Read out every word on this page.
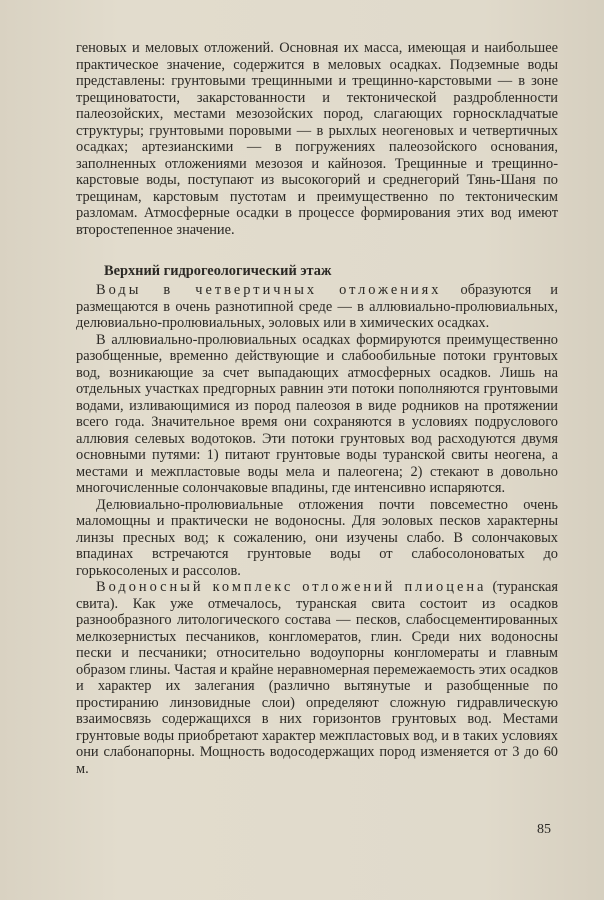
геновых и меловых отложений. Основная их масса, имеющая и наибольшее практическое значение, содержится в меловых осадках. Подземные воды представлены: грунтовыми трещинными и трещинно-карстовыми — в зоне трещиноватости, закарстованности и тектонической раздробленности палеозойских, местами мезозойских пород, слагающих горноскладчатые структуры; грунтовыми поровыми — в рыхлых неогеновых и четвертичных осадках; артезианскими — в погружениях палеозойского основания, заполненных отложениями мезозоя и кайнозоя. Трещинные и трещинно-карстовые воды, поступают из высокогорий и среднегорий Тянь-Шаня по трещинам, карстовым пустотам и преимущественно по тектоническим разломам. Атмосферные осадки в процессе формирования этих вод имеют второстепенное значение.

Верхний гидрогеологический этаж

Воды в четвертичных отложениях образуются и размещаются в очень разнотипной среде — в аллювиально-пролювиальных, делювиально-пролювиальных, эоловых или в химических осадках.

В аллювиально-пролювиальных осадках формируются преимущественно разобщенные, временно действующие и слабообильные потоки грунтовых вод, возникающие за счет выпадающих атмосферных осадков. Лишь на отдельных участках предгорных равнин эти потоки пополняются грунтовыми водами, изливающимися из пород палеозоя в виде родников на протяжении всего года. Значительное время они сохраняются в условиях подруслового аллювия селевых водотоков. Эти потоки грунтовых вод расходуются двумя основными путями: 1) питают грунтовые воды туранской свиты неогена, а местами и межпластовые воды мела и палеогена; 2) стекают в довольно многочисленные солончаковые впадины, где интенсивно испаряются.

Делювиально-пролювиальные отложения почти повсеместно очень маломощны и практически не водоносны. Для эоловых песков характерны линзы пресных вод; к сожалению, они изучены слабо. В солончаковых впадинах встречаются грунтовые воды от слабосолоноватых до горькосоленых и рассолов.

Водоносный комплекс отложений плиоцена (туранская свита). Как уже отмечалось, туранская свита состоит из осадков разнообразного литологического состава — песков, слабосцементированных мелкозернистых песчаников, конгломератов, глин. Среди них водоносны пески и песчаники; относительно водоупорны конгломераты и главным образом глины. Частая и крайне неравномерная перемежаемость этих осадков и характер их залегания (различно вытянутые и разобщенные по простиранию линзовидные слои) определяют сложную гидравлическую взаимосвязь содержащихся в них горизонтов грунтовых вод. Местами грунтовые воды приобретают характер межпластовых вод, и в таких условиях они слабонапорны. Мощность водосодержащих пород изменяется от 3 до 60 м.

85
